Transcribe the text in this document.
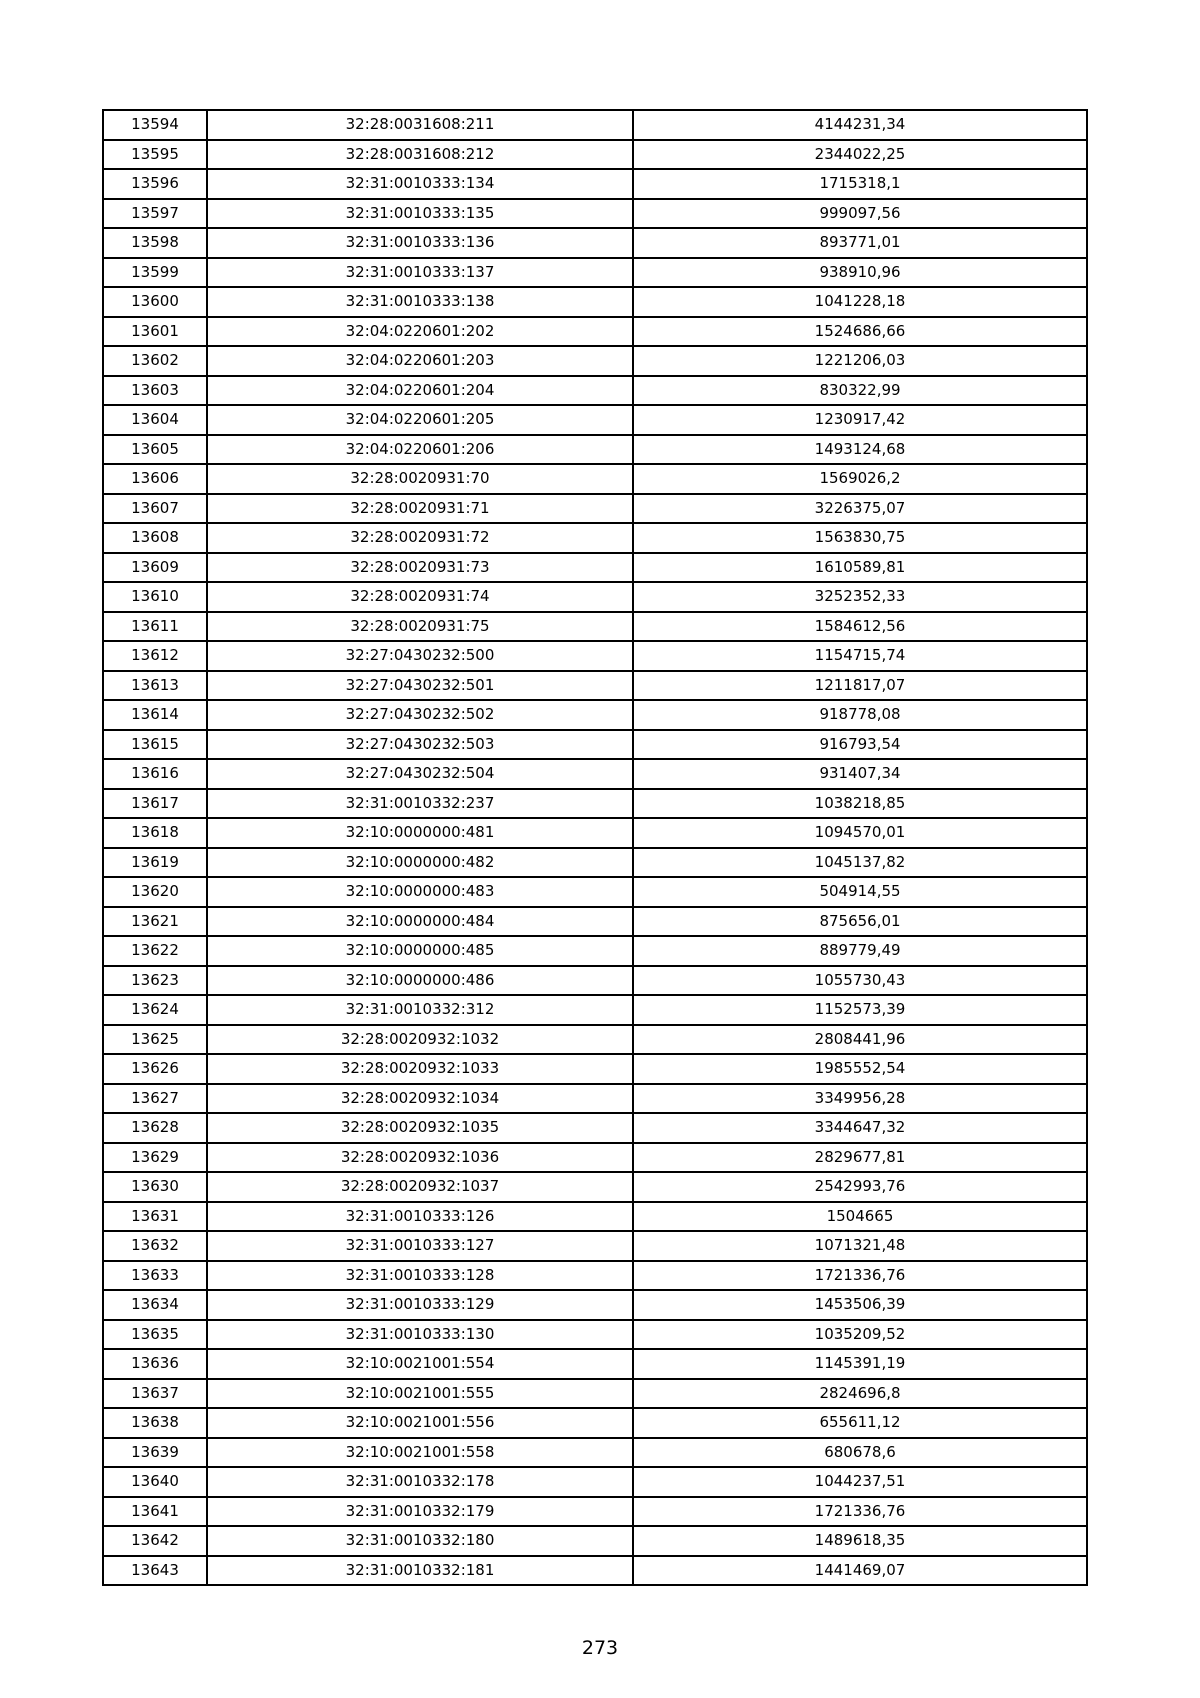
13594	32:28:0031608:211	4144231,34
13595	32:28:0031608:212	2344022,25
13596	32:31:0010333:134	1715318,1
13597	32:31:0010333:135	999097,56
13598	32:31:0010333:136	893771,01
13599	32:31:0010333:137	938910,96
13600	32:31:0010333:138	1041228,18
13601	32:04:0220601:202	1524686,66
13602	32:04:0220601:203	1221206,03
13603	32:04:0220601:204	830322,99
13604	32:04:0220601:205	1230917,42
13605	32:04:0220601:206	1493124,68
13606	32:28:0020931:70	1569026,2
13607	32:28:0020931:71	3226375,07
13608	32:28:0020931:72	1563830,75
13609	32:28:0020931:73	1610589,81
13610	32:28:0020931:74	3252352,33
13611	32:28:0020931:75	1584612,56
13612	32:27:0430232:500	1154715,74
13613	32:27:0430232:501	1211817,07
13614	32:27:0430232:502	918778,08
13615	32:27:0430232:503	916793,54
13616	32:27:0430232:504	931407,34
13617	32:31:0010332:237	1038218,85
13618	32:10:0000000:481	1094570,01
13619	32:10:0000000:482	1045137,82
13620	32:10:0000000:483	504914,55
13621	32:10:0000000:484	875656,01
13622	32:10:0000000:485	889779,49
13623	32:10:0000000:486	1055730,43
13624	32:31:0010332:312	1152573,39
13625	32:28:0020932:1032	2808441,96
13626	32:28:0020932:1033	1985552,54
13627	32:28:0020932:1034	3349956,28
13628	32:28:0020932:1035	3344647,32
13629	32:28:0020932:1036	2829677,81
13630	32:28:0020932:1037	2542993,76
13631	32:31:0010333:126	1504665
13632	32:31:0010333:127	1071321,48
13633	32:31:0010333:128	1721336,76
13634	32:31:0010333:129	1453506,39
13635	32:31:0010333:130	1035209,52
13636	32:10:0021001:554	1145391,19
13637	32:10:0021001:555	2824696,8
13638	32:10:0021001:556	655611,12
13639	32:10:0021001:558	680678,6
13640	32:31:0010332:178	1044237,51
13641	32:31:0010332:179	1721336,76
13642	32:31:0010332:180	1489618,35
13643	32:31:0010332:181	1441469,07
273
